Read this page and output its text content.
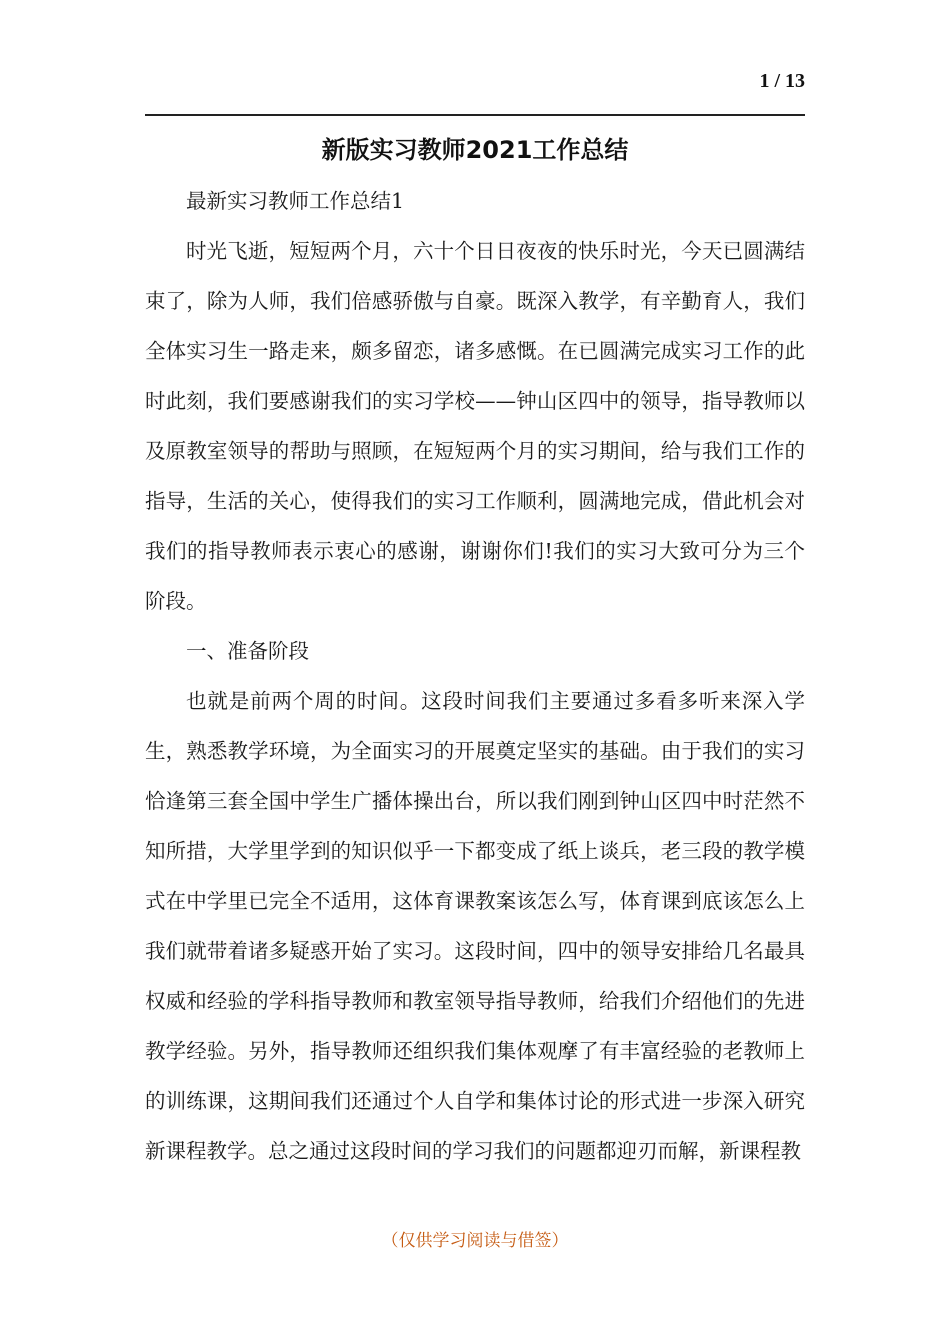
1 / 13
新版实习教师2021工作总结

最新实习教师工作总结1

时光飞逝，短短两个月，六十个日日夜夜的快乐时光，今天已圆满结束了，除为人师，我们倍感骄傲与自豪。既深入教学，有辛勤育人，我们全体实习生一路走来，颇多留恋，诸多感慨。在已圆满完成实习工作的此时此刻，我们要感谢我们的实习学校——钟山区四中的领导，指导教师以及原教室领导的帮助与照顾，在短短两个月的实习期间，给与我们工作的指导，生活的关心，使得我们的实习工作顺利，圆满地完成，借此机会对我们的指导教师表示衷心的感谢，谢谢你们!我们的实习大致可分为三个阶段。

一、准备阶段

也就是前两个周的时间。这段时间我们主要通过多看多听来深入学生，熟悉教学环境，为全面实习的开展奠定坚实的基础。由于我们的实习恰逢第三套全国中学生广播体操出台，所以我们刚到钟山区四中时茫然不知所措，大学里学到的知识似乎一下都变成了纸上谈兵，老三段的教学模式在中学里已完全不适用，这体育课教案该怎么写，体育课到底该怎么上我们就带着诸多疑惑开始了实习。这段时间，四中的领导安排给几名最具权威和经验的学科指导教师和教室领导指导教师，给我们介绍他们的先进教学经验。另外，指导教师还组织我们集体观摩了有丰富经验的老教师上的训练课，这期间我们还通过个人自学和集体讨论的形式进一步深入研究新课程教学。总之通过这段时间的学习我们的问题都迎刃而解，新课程教

（仅供学习阅读与借签）
